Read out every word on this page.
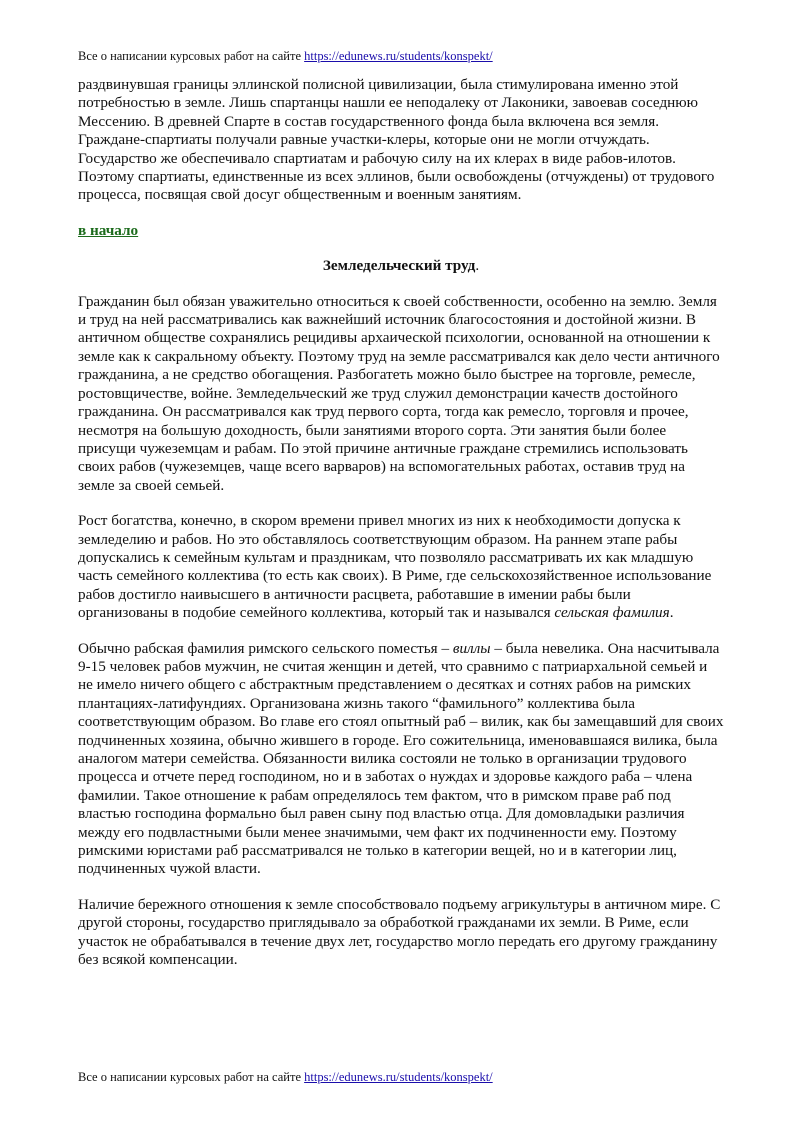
Все о написании курсовых работ на сайте https://edunews.ru/students/konspekt/

раздвинувшая границы эллинской полисной цивилизации, была стимулирована именно этой потребностью в земле. Лишь спартанцы нашли ее неподалеку от Лаконики, завоевав соседнюю Мессению. В древней Спарте в состав государственного фонда была включена вся земля. Граждане-спартиаты получали равные участки-клеры, которые они не могли отчуждать. Государство же обеспечивало спартиатам и рабочую силу на их клерах в виде рабов-илотов. Поэтому спартиаты, единственные из всех эллинов, были освобождены (отчуждены) от трудового процесса, посвящая свой досуг общественным и военным занятиям.

в начало

Земледельческий труд.

Гражданин был обязан уважительно относиться к своей собственности, особенно на землю. Земля и труд на ней рассматривались как важнейший источник благосостояния и достойной жизни. В античном обществе сохранялись рецидивы архаической психологии, основанной на отношении к земле как к сакральному объекту. Поэтому труд на земле рассматривался как дело чести античного гражданина, а не средство обогащения. Разбогатеть можно было быстрее на торговле, ремесле, ростовщичестве, войне. Земледельческий же труд служил демонстрации качеств достойного гражданина. Он рассматривался как труд первого сорта, тогда как ремесло, торговля и прочее, несмотря на большую доходность, были занятиями второго сорта. Эти занятия были более присущи чужеземцам и рабам. По этой причине античные граждане стремились использовать своих рабов (чужеземцев, чаще всего варваров) на вспомогательных работах, оставив труд на земле за своей семьей.

Рост богатства, конечно, в скором времени привел многих из них к необходимости допуска к земледелию и рабов. Но это обставлялось соответствующим образом. На раннем этапе рабы допускались к семейным культам и праздникам, что позволяло рассматривать их как младшую часть семейного коллектива (то есть как своих). В Риме, где сельскохозяйственное использование рабов достигло наивысшего в античности расцвета, работавшие в имении рабы были организованы в подобие семейного коллектива, который так и назывался сельская фамилия.

Обычно рабская фамилия римского сельского поместья – виллы – была невелика. Она насчитывала 9-15 человек рабов мужчин, не считая женщин и детей, что сравнимо с патриархальной семьей и не имело ничего общего с абстрактным представлением о десятках и сотнях рабов на римских плантациях-латифундиях. Организована жизнь такого “фамильного” коллектива была соответствующим образом. Во главе его стоял опытный раб – вилик, как бы замещавший для своих подчиненных хозяина, обычно жившего в городе. Его сожительница, именовавшаяся вилика, была аналогом матери семейства. Обязанности вилика состояли не только в организации трудового процесса и отчете перед господином, но и в заботах о нуждах и здоровье каждого раба – члена фамилии. Такое отношение к рабам определялось тем фактом, что в римском праве раб под властью господина формально был равен сыну под властью отца. Для домовладыки различия между его подвластными были менее значимыми, чем факт их подчиненности ему. Поэтому римскими юристами раб рассматривался не только в категории вещей, но и в категории лиц, подчиненных чужой власти.

Наличие бережного отношения к земле способствовало подъему агрикультуры в античном мире. С другой стороны, государство приглядывало за обработкой гражданами их земли. В Риме, если участок не обрабатывался в течение двух лет, государство могло передать его другому гражданину без всякой компенсации.

Все о написании курсовых работ на сайте https://edunews.ru/students/konspekt/
